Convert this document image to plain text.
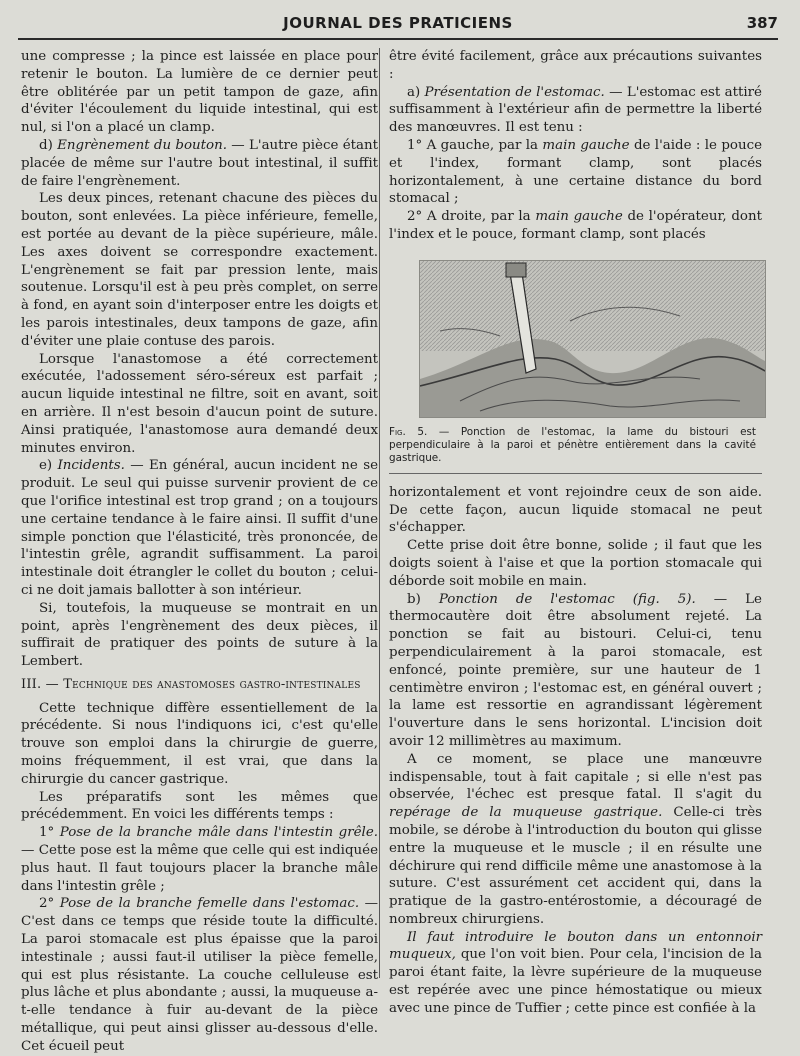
JOURNAL DES PRATICIENS	387

une compresse ; la pince est laissée en place pour retenir le bouton. La lumière de ce dernier peut être oblitérée par un petit tampon de gaze, afin d'éviter l'écoulement du liquide intestinal, qui est nul, si l'on a placé un clamp.

d) Engrènement du bouton. — L'autre pièce étant placée de même sur l'autre bout intestinal, il suffit de faire l'engrènement.

Les deux pinces, retenant chacune des pièces du bouton, sont enlevées. La pièce inférieure, femelle, est portée au devant de la pièce supérieure, mâle. Les axes doivent se correspondre exactement. L'engrènement se fait par pression lente, mais soutenue. Lorsqu'il est à peu près complet, on serre à fond, en ayant soin d'interposer entre les doigts et les parois intestinales, deux tampons de gaze, afin d'éviter une plaie contuse des parois.

Lorsque l'anastomose a été correctement exécutée, l'adossement séro-séreux est parfait ; aucun liquide intestinal ne filtre, soit en avant, soit en arrière. Il n'est besoin d'aucun point de suture. Ainsi pratiquée, l'anastomose aura demandé deux minutes environ.

e) Incidents. — En général, aucun incident ne se produit. Le seul qui puisse survenir provient de ce que l'orifice intestinal est trop grand ; on a toujours une certaine tendance à le faire ainsi. Il suffit d'une simple ponction que l'élasticité, très prononcée, de l'intestin grêle, agrandit suffisamment. La paroi intestinale doit étrangler le collet du bouton ; celui-ci ne doit jamais ballotter à son intérieur.

Si, toutefois, la muqueuse se montrait en un point, après l'engrènement des deux pièces, il suffirait de pratiquer des points de suture à la Lembert.

III. — Technique des anastomoses gastro-intestinales

Cette technique diffère essentiellement de la précédente. Si nous l'indiquons ici, c'est qu'elle trouve son emploi dans la chirurgie de guerre, moins fréquemment, il est vrai, que dans la chirurgie du cancer gastrique.

Les préparatifs sont les mêmes que précédemment. En voici les différents temps :

1° Pose de la branche mâle dans l'intestin grêle. — Cette pose est la même que celle qui est indiquée plus haut. Il faut toujours placer la branche mâle dans l'intestin grêle ;

2° Pose de la branche femelle dans l'estomac. — C'est dans ce temps que réside toute la difficulté. La paroi stomacale est plus épaisse que la paroi intestinale ; aussi faut-il utiliser la pièce femelle, qui est plus résistante. La couche celluleuse est plus lâche et plus abondante ; aussi, la muqueuse a-t-elle tendance à fuir au-devant de la pièce métallique, qui peut ainsi glisser au-dessous d'elle. Cet écueil peut

être évité facilement, grâce aux précautions suivantes :

a) Présentation de l'estomac. — L'estomac est attiré suffisamment à l'extérieur afin de permettre la liberté des manœuvres. Il est tenu :

1° A gauche, par la main gauche de l'aide : le pouce et l'index, formant clamp, sont placés horizontalement, à une certaine distance du bord stomacal ;

2° A droite, par la main gauche de l'opérateur, dont l'index et le pouce, formant clamp, sont placés

Fig. 5. — Ponction de l'estomac, la lame du bistouri est perpendiculaire à la paroi et pénètre entièrement dans la cavité gastrique.

horizontalement et vont rejoindre ceux de son aide. De cette façon, aucun liquide stomacal ne peut s'échapper.

Cette prise doit être bonne, solide ; il faut que les doigts soient à l'aise et que la portion stomacale qui déborde soit mobile en main.

b) Ponction de l'estomac (fig. 5). — Le thermocautère doit être absolument rejeté. La ponction se fait au bistouri. Celui-ci, tenu perpendiculairement à la paroi stomacale, est enfoncé, pointe première, sur une hauteur de 1 centimètre environ ; l'estomac est, en général ouvert ; la lame est ressortie en agrandissant légèrement l'ouverture dans le sens horizontal. L'incision doit avoir 12 millimètres au maximum.

A ce moment, se place une manœuvre indispensable, tout à fait capitale ; si elle n'est pas observée, l'échec est presque fatal. Il s'agit du repérage de la muqueuse gastrique. Celle-ci très mobile, se dérobe à l'introduction du bouton qui glisse entre la muqueuse et le muscle ; il en résulte une déchirure qui rend difficile même une anastomose à la suture. C'est assurément cet accident qui, dans la pratique de la gastro-entérostomie, a découragé de nombreux chirurgiens.

Il faut introduire le bouton dans un entonnoir muqueux, que l'on voit bien. Pour cela, l'incision de la paroi étant faite, la lèvre supérieure de la muqueuse est repérée avec une pince hémostatique ou mieux avec une pince de Tuffier ; cette pince est confiée à la
